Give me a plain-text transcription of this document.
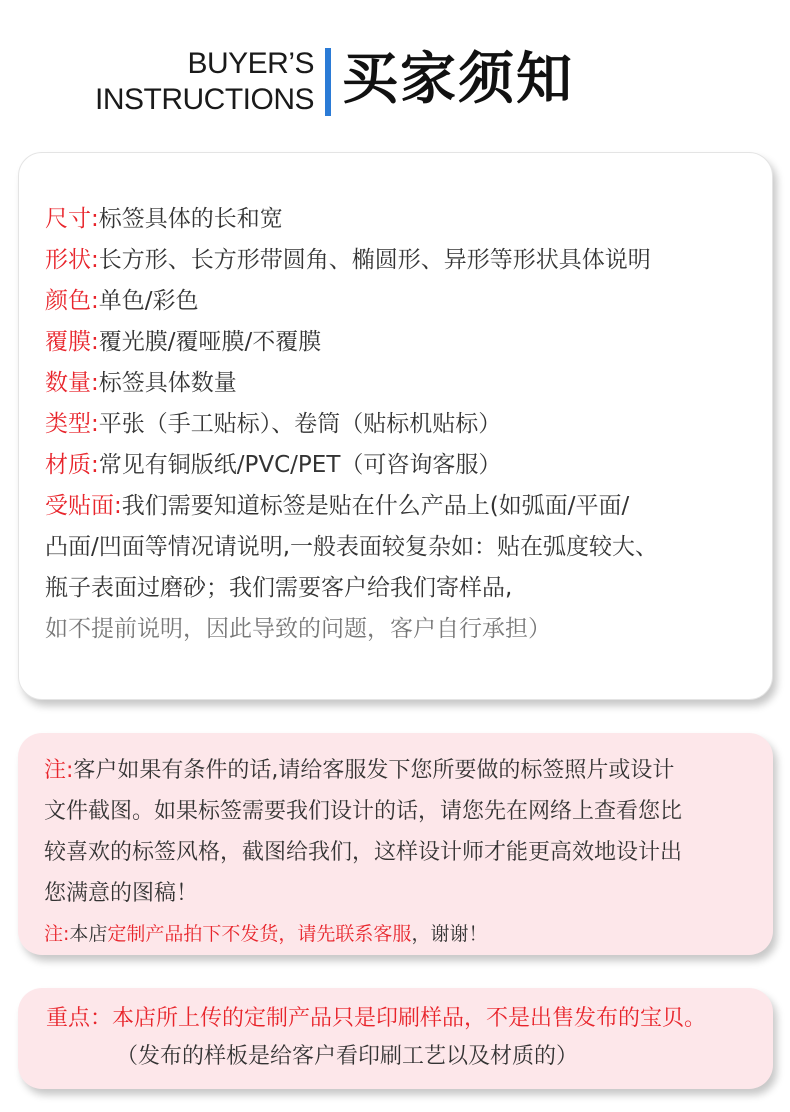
BUYER’S
INSTRUCTIONS 买家须知
尺寸:标签具体的长和宽
形状:长方形、长方形带圆角、椭圆形、异形等形状具体说明
颜色:单色/彩色
覆膜:覆光膜/覆哑膜/不覆膜
数量:标签具体数量
类型:平张（手工贴标）、卷筒（贴标机贴标）
材质:常见有铜版纸/PVC/PET（可咨询客服）
受贴面:我们需要知道标签是贴在什么产品上(如弧面/平面/
凸面/凹面等情况请说明,一般表面较复杂如：贴在弧度较大、
瓶子表面过磨砂；我们需要客户给我们寄样品,
如不提前说明，因此导致的问题，客户自行承担）
注:客户如果有条件的话,请给客服发下您所要做的标签照片或设计
文件截图。如果标签需要我们设计的话，请您先在网络上查看您比
较喜欢的标签风格，截图给我们，这样设计师才能更高效地设计出
您满意的图稿！
注:本店定制产品拍下不发货，请先联系客服，谢谢！
重点：本店所上传的定制产品只是印刷样品，不是出售发布的宝贝。
（发布的样板是给客户看印刷工艺以及材质的）
